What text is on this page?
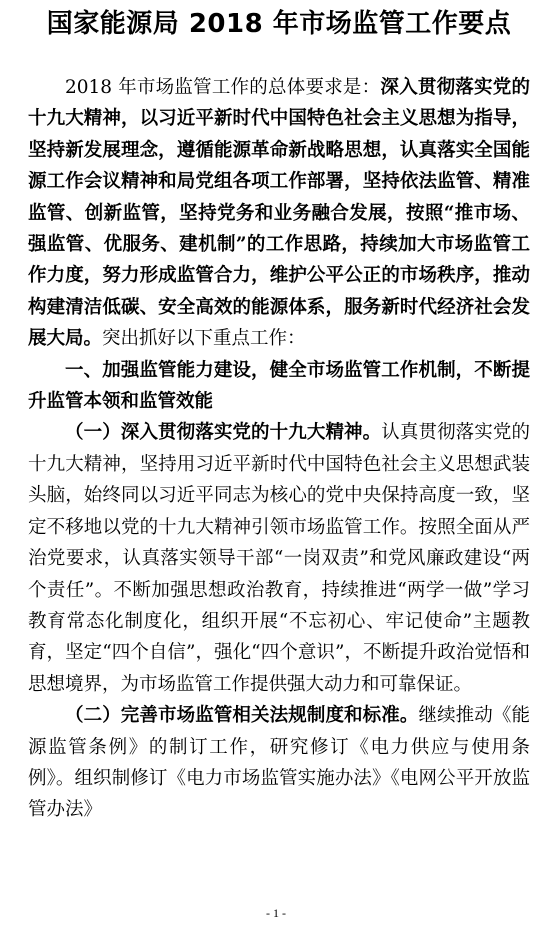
国家能源局 2018 年市场监管工作要点

2018 年市场监管工作的总体要求是：深入贯彻落实党的十九大精神，以习近平新时代中国特色社会主义思想为指导，坚持新发展理念，遵循能源革命新战略思想，认真落实全国能源工作会议精神和局党组各项工作部署，坚持依法监管、精准监管、创新监管，坚持党务和业务融合发展，按照“推市场、强监管、优服务、建机制”的工作思路，持续加大市场监管工作力度，努力形成监管合力，维护公平公正的市场秩序，推动构建清洁低碳、安全高效的能源体系，服务新时代经济社会发展大局。突出抓好以下重点工作：

一、加强监管能力建设，健全市场监管工作机制，不断提升监管本领和监管效能

（一）深入贯彻落实党的十九大精神。认真贯彻落实党的十九大精神，坚持用习近平新时代中国特色社会主义思想武装头脑，始终同以习近平同志为核心的党中央保持高度一致，坚定不移地以党的十九大精神引领市场监管工作。按照全面从严治党要求，认真落实领导干部“一岗双责”和党风廉政建设“两个责任”。不断加强思想政治教育，持续推进“两学一做”学习教育常态化制度化，组织开展“不忘初心、牢记使命”主题教育，坚定“四个自信”，强化“四个意识”，不断提升政治觉悟和思想境界，为市场监管工作提供强大动力和可靠保证。

（二）完善市场监管相关法规制度和标准。继续推动《能源监管条例》的制订工作，研究修订《电力供应与使用条例》。组织制修订《电力市场监管实施办法》《电网公平开放监管办法》

- 1 -
